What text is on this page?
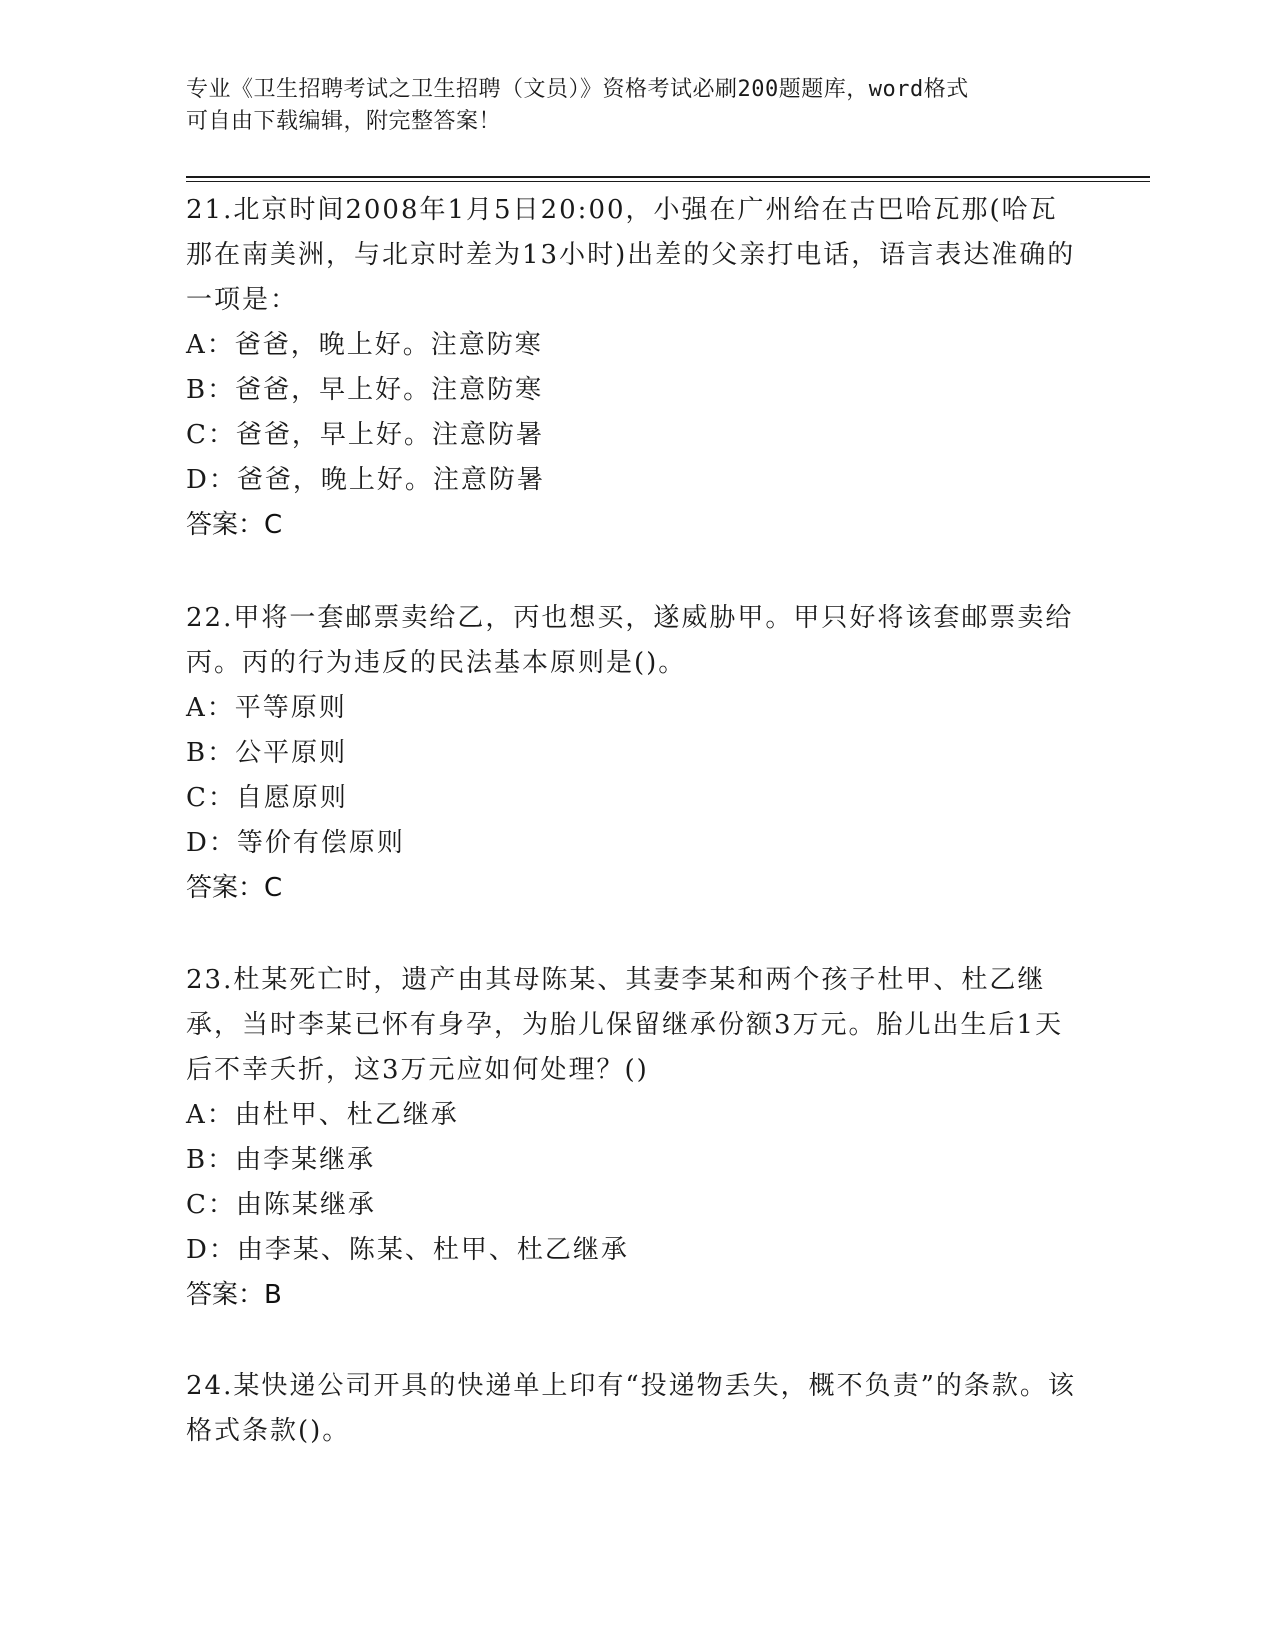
专业《卫生招聘考试之卫生招聘（文员）》资格考试必刷200题题库，word格式
可自由下载编辑，附完整答案！

21.北京时间2008年1月5日20:00，小强在广州给在古巴哈瓦那(哈瓦那在南美洲，与北京时差为13小时)出差的父亲打电话，语言表达准确的一项是：

A：爸爸，晚上好。注意防寒

B：爸爸，早上好。注意防寒

C：爸爸，早上好。注意防暑

D：爸爸，晚上好。注意防暑

答案：C

22.甲将一套邮票卖给乙，丙也想买，遂威胁甲。甲只好将该套邮票卖给丙。丙的行为违反的民法基本原则是()。

A：平等原则

B：公平原则

C：自愿原则

D：等价有偿原则

答案：C

23.杜某死亡时，遗产由其母陈某、其妻李某和两个孩子杜甲、杜乙继承，当时李某已怀有身孕，为胎儿保留继承份额3万元。胎儿出生后1天后不幸夭折，这3万元应如何处理？()

A：由杜甲、杜乙继承

B：由李某继承

C：由陈某继承

D：由李某、陈某、杜甲、杜乙继承

答案：B

24.某快递公司开具的快递单上印有“投递物丢失，概不负责”的条款。该格式条款()。
